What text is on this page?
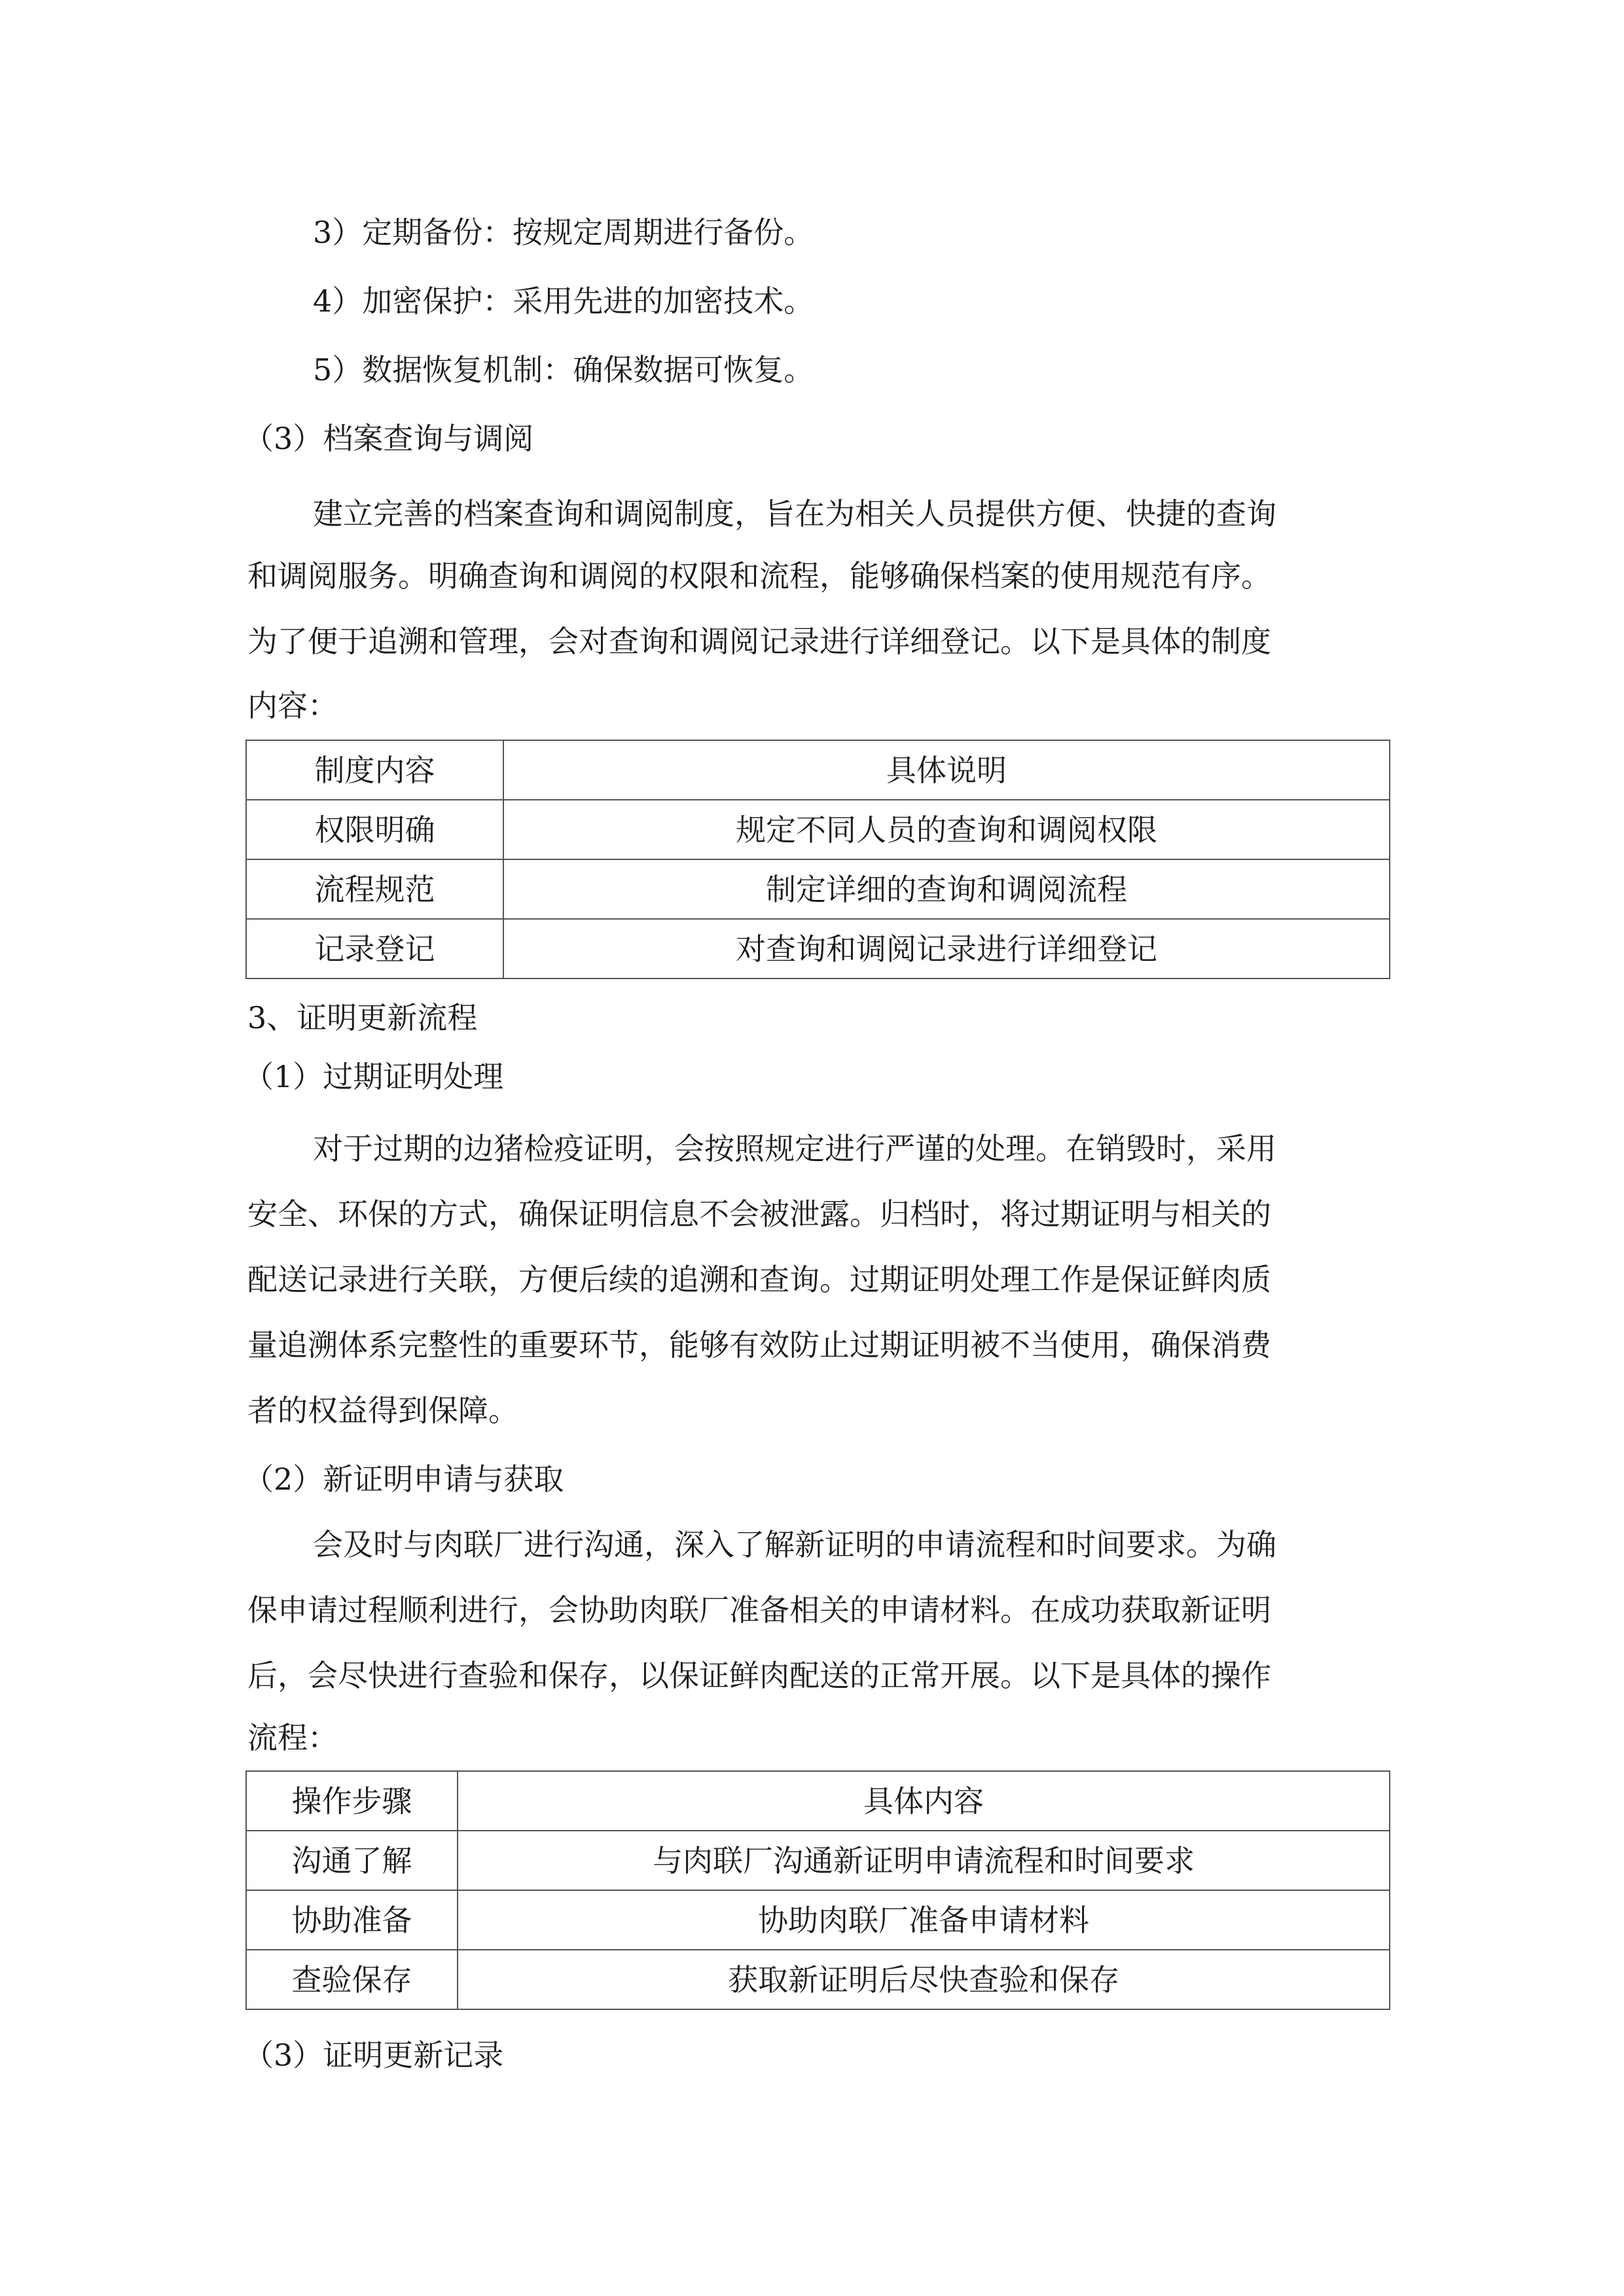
3）定期备份：按规定周期进行备份。

4）加密保护：采用先进的加密技术。

5）数据恢复机制：确保数据可恢复。

（3）档案查询与调阅

建立完善的档案查询和调阅制度，旨在为相关人员提供方便、快捷的查询

和调阅服务。明确查询和调阅的权限和流程，能够确保档案的使用规范有序。

为了便于追溯和管理，会对查询和调阅记录进行详细登记。以下是具体的制度

内容：

制度内容	具体说明
权限明确	规定不同人员的查询和调阅权限
流程规范	制定详细的查询和调阅流程
记录登记	对查询和调阅记录进行详细登记

3、证明更新流程

（1）过期证明处理

对于过期的边猪检疫证明，会按照规定进行严谨的处理。在销毁时，采用

安全、环保的方式，确保证明信息不会被泄露。归档时，将过期证明与相关的

配送记录进行关联，方便后续的追溯和查询。过期证明处理工作是保证鲜肉质

量追溯体系完整性的重要环节，能够有效防止过期证明被不当使用，确保消费

者的权益得到保障。

（2）新证明申请与获取

会及时与肉联厂进行沟通，深入了解新证明的申请流程和时间要求。为确

保申请过程顺利进行，会协助肉联厂准备相关的申请材料。在成功获取新证明

后，会尽快进行查验和保存，以保证鲜肉配送的正常开展。以下是具体的操作

流程：

操作步骤	具体内容
沟通了解	与肉联厂沟通新证明申请流程和时间要求
协助准备	协助肉联厂准备申请材料
查验保存	获取新证明后尽快查验和保存

（3）证明更新记录
